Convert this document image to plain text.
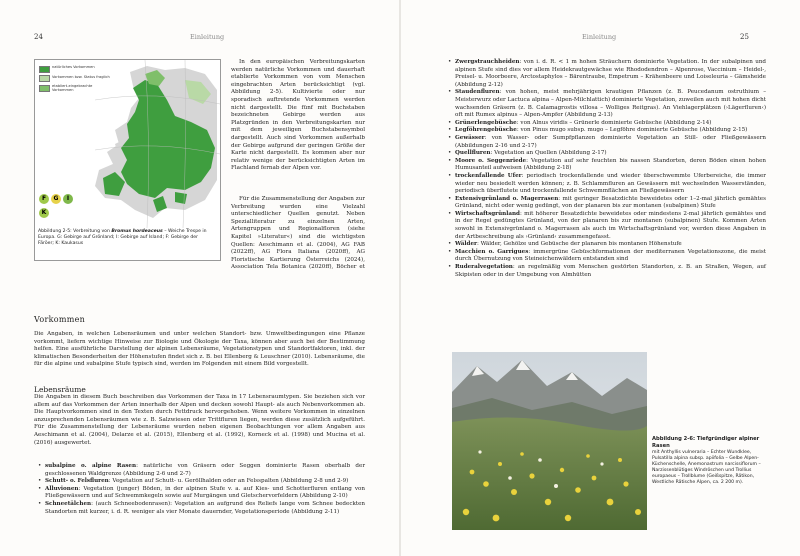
24	Einleitung
natürliches Vorkommen
Vorkommen bzw. Status fraglich
etabliert-eingebrachte Vorkommen
F	G	I
K
Abbildung 2-5: Verbreitung von Bromus hordeaceus – Weiche Trespe in Europa. G: Gebirge auf Grönland; I: Gebirge auf Island; F: Gebirge der Färöer; K: Kaukasus

In den europäischen Verbreitungskarten werden natürliche Vorkommen und dauerhaft etablierte Vorkommen von vom Menschen eingebrachten Arten berücksichtigt (vgl. Abbildung 2-5). Kultivierte oder nur sporadisch auftretende Vorkommen werden nicht dargestellt. Die fünf mit Buchstaben bezeichneten Gebirge werden aus Platzgründen in den Verbreitungskarten nur mit dem jeweiligen Buchstabensymbol dargestellt. Auch sind Vorkommen außerhalb der Gebirge aufgrund der geringen Größe der Karte nicht dargestellt. Es kommen aber nur relativ wenige der berücksichtigten Arten im Flachland fernab der Alpen vor.

Für die Zusammenstellung der Angaben zur Verbreitung wurden eine Vielzahl unterschiedlicher Quellen genutzt. Neben Spezialliteratur zu einzelnen Arten, Artengruppen und Regionalfloren (siehe Kapitel »Literatur«) sind die wichtigsten Quellen: Aeschimann et al. (2004), AG FAB (2022ff), AG Flora Italiana (2020ff), AG Floristische Kartierung Österreichs (2024), Association Tela Botanica (2020ff), Böcher et

Vorkommen

Die Angaben, in welchen Lebensräumen und unter welchen Standort- bzw. Umweltbedingungen eine Pflanze vorkommt, liefern wichtige Hinweise zur Biologie und Ökologie der Taxa, können aber auch bei der Bestimmung helfen. Eine ausführliche Darstellung der alpinen Lebensräume, Vegetationstypen und Standortfaktoren, inkl. der klimatischen Besonderheiten der Höhenstufen findet sich z. B. bei Ellenberg & Leuschner (2010). Lebensräume, die für die alpine und subalpine Stufe typisch sind, werden im Folgenden mit einem Bild vorgestellt.

Lebensräume

Die Angaben in diesem Buch beschreiben das Vorkommen der Taxa in 17 Lebensraumtypen. Sie beziehen sich vor allem auf das Vorkommen der Arten innerhalb der Alpen und decken sowohl Haupt- als auch Nebenvorkommen ab. Die Hauptvorkommen sind in den Texten durch Fettdruck hervorgehoben. Wenn weitere Vorkommen in einzelnen anzusprechenden Lebensräumen wie z. B. Salzwiesen oder Trittfluren liegen, werden diese zusätzlich aufgeführt. Für die Zusammenstellung der Lebensräume wurden neben eigenen Beobachtungen vor allem Angaben aus Aeschimann et al. (2004), Delarze et al. (2015), Ellenberg et al. (1992), Korneck et al. (1998) und Mucina et al. (2016) ausgewertet.

• subalpine o. alpine Rasen: natürliche von Gräsern oder Seggen dominierte Rasen oberhalb der geschlossenen Waldgrenze (Abbildung 2-6 und 2-7)
• Schutt- o. Felsfluren: Vegetation auf Schutt- u. Geröllhalden oder an Felsspalten (Abbildung 2-8 und 2-9)
• Alluvionen: Vegetation (junger) Böden, in der alpinen Stufe v. a. auf Kies- und Schotterfluren entlang von Fließgewässern und auf Schwemmkegeln sowie auf Murgängen und Gletschervorfeldern (Abbildung 2-10)
• Schneetälchen: (auch Schneebodenrasen): Vegetation an aufgrund des Reliefs lange vom Schnee bedeckten Standorten mit kurzer, i. d. R. weniger als vier Monate dauernder, Vegetationsperiode (Abbildung 2-11)
Einleitung	25
• Zwergstrauchheiden: von i. d. R. < 1 m hohen Sträuchern dominierte Vegetation. In der subalpinen und alpinen Stufe sind dies vor allem Heidekrautgewächse wie Rhododendron – Alpenrose, Vaccinium – Heidel-, Preisel- u. Moorbeere, Arctostaphylos – Bärentraube, Empetrum – Krähenbeere und Loiseleuria – Gämsheide (Abbildung 2-12)
• Staudenfluren: von hohen, meist mehrjährigen krautigen Pflanzen (z. B. Peucedanum ostruthium – Meisterwurz oder Lactuca alpina – Alpen-Milchlattich) dominierte Vegetation, zuweilen auch mit hohen dicht wachsenden Gräsern (z. B. Calamagrostis villosa – Wolliges Reitgras). An Viehlagerplätzen (›Lägerfluren‹) oft mit Rumex alpinus – Alpen-Ampfer (Abbildung 2-13)
• Grünerlengebüsche: von Alnus viridis – Grünerle dominierte Gebüsche (Abbildung 2-14)
• Legföhrengebüsche: von Pinus mugo subsp. mugo – Legföhre dominierte Gebüsche (Abbildung 2-15)
• Gewässer: von Wasser- oder Sumpfpflanzen dominierte Vegetation an Still- oder Fließgewässern (Abbildungen 2-16 und 2-17)
• Quellfluren: Vegetation an Quellen (Abbildung 2-17)
• Moore o. Seggenriede: Vegetation auf sehr feuchten bis nassen Standorten, deren Böden einen hohen Humusanteil aufweisen (Abbildung 2-18)
• trockenfallende Ufer: periodisch trockenfallende und wieder überschwemmte Uferbereiche, die immer wieder neu besiedelt werden können; z. B. Schlammfluren an Gewässern mit wechselnden Wasserständen, periodisch überflutete und trockenfallende Schwemmflächen an Fließgewässern
• Extensivgrünland o. Magerrasen: mit geringer Besatzdichte beweidetes oder 1–2-mal jährlich gemähtes Grünland, nicht oder wenig gedüngt, von der planaren bis zur montanen (subalpinen) Stufe
• Wirtschaftsgrünland: mit höherer Besatzdichte beweidetes oder mindestens 2-mal jährlich gemähtes und in der Regel gedüngtes Grünland, von der planaren bis zur montanen (subalpinen) Stufe. Kommen Arten sowohl in Extensivgrünland o. Magerrasen als auch im Wirtschaftsgrünland vor, werden diese Angaben in der Artbeschreibung als ›Grünland‹ zusammengefasst.
• Wälder: Wälder, Gehölze und Gebüsche der planaren bis montanen Höhenstufe
• Macchien o. Garrigues: immergrüne Gebüschformationen der mediterranen Vegetationszone, die meist durch Übernutzung von Steineichenwäldern entstanden sind
• Ruderalvegetation: an regelmäßig vom Menschen gestörten Standorten, z. B. an Straßen, Wegen, auf Skipisten oder in der Umgebung von Almhütten
Abbildung 2-6: Tiefgründiger alpiner Rasen
mit Anthyllis vulneraria – Echter Wundklee, Pulsatilla alpina subsp. apiifolia – Gelbe Alpen-Küchenschelle, Anemonastrum narcissiflorum – Narzissenblütiges Windröschen und Trollius europaeus – Trollblume (Geißspitze, Rätikon, Westliche Rätische Alpen, ca. 2 200 m).
